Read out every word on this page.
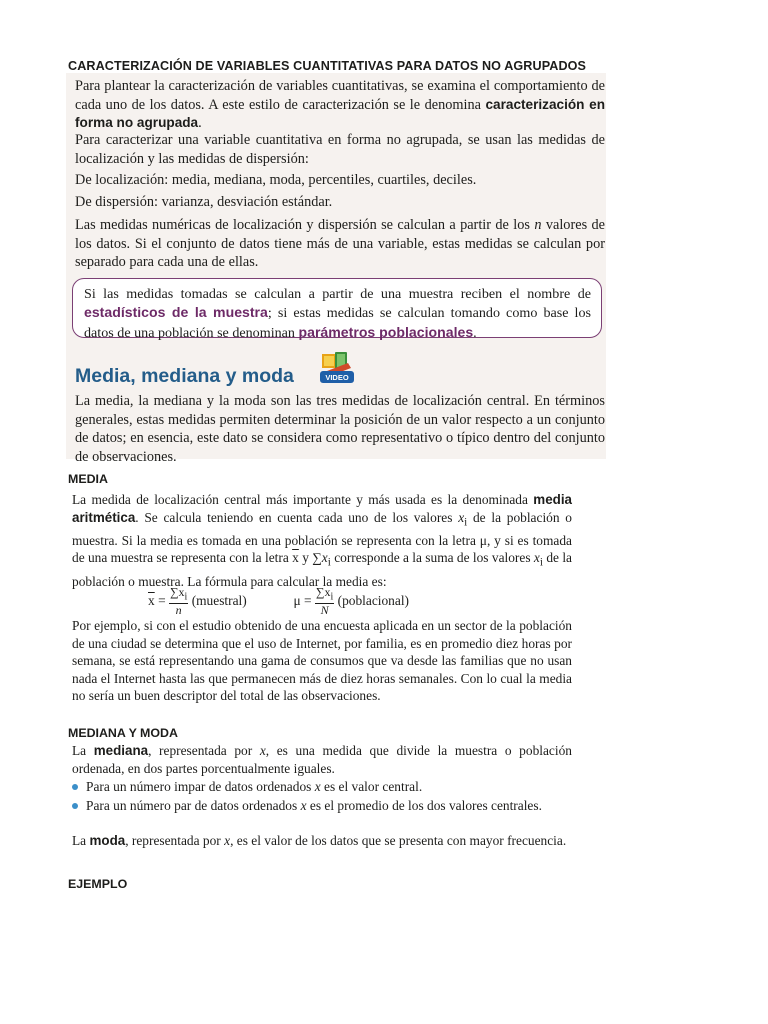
CARACTERIZACIÓN DE VARIABLES CUANTITATIVAS PARA DATOS NO AGRUPADOS

Para plantear la caracterización de variables cuantitativas, se examina el comportamiento de cada uno de los datos. A este estilo de caracterización se le denomina caracterización en forma no agrupada.

Para caracterizar una variable cuantitativa en forma no agrupada, se usan las medidas de localización y las medidas de dispersión:

De localización: media, mediana, moda, percentiles, cuartiles, deciles.

De dispersión: varianza, desviación estándar.

Las medidas numéricas de localización y dispersión se calculan a partir de los n valores de los datos. Si el conjunto de datos tiene más de una variable, estas medidas se calculan por separado para cada una de ellas.

Si las medidas tomadas se calculan a partir de una muestra reciben el nombre de estadísticos de la muestra; si estas medidas se calculan tomando como base los datos de una población se denominan parámetros poblacionales.
Media, mediana y moda	VIDEO

La media, la mediana y la moda son las tres medidas de localización central. En términos generales, estas medidas permiten determinar la posición de un valor respecto a un conjunto de datos; en esencia, este dato se considera como representativo o típico dentro del conjunto de observaciones.

MEDIA

La medida de localización central más importante y más usada es la denominada media aritmética. Se calcula teniendo en cuenta cada uno de los valores $x_i$ de la población o muestra. Si la media es tomada en una población se representa con la letra μ, y si es tomada de una muestra se representa con la letra $\overline{x}$ y $\sum x_i$ corresponde a la suma de los valores $x_i$ de la población o muestra. La fórmula para calcular la media es:

$\overline{x} = \frac{\sum x_i}{n}$ (muestral)	$\mu = \frac{\sum x_i}{N}$ (poblacional)

Por ejemplo, si con el estudio obtenido de una encuesta aplicada en un sector de la población de una ciudad se determina que el uso de Internet, por familia, es en promedio diez horas por semana, se está representando una gama de consumos que va desde las familias que no usan nada el Internet hasta las que permanecen más de diez horas semanales. Con lo cual la media no sería un buen descriptor del total de las observaciones.

MEDIANA Y MODA

La mediana, representada por x, es una medida que divide la muestra o población ordenada, en dos partes porcentualmente iguales.

Para un número impar de datos ordenados x es el valor central.
Para un número par de datos ordenados x es el promedio de los dos valores centrales.

La moda, representada por x, es el valor de los datos que se presenta con mayor frecuencia.

EJEMPLO
